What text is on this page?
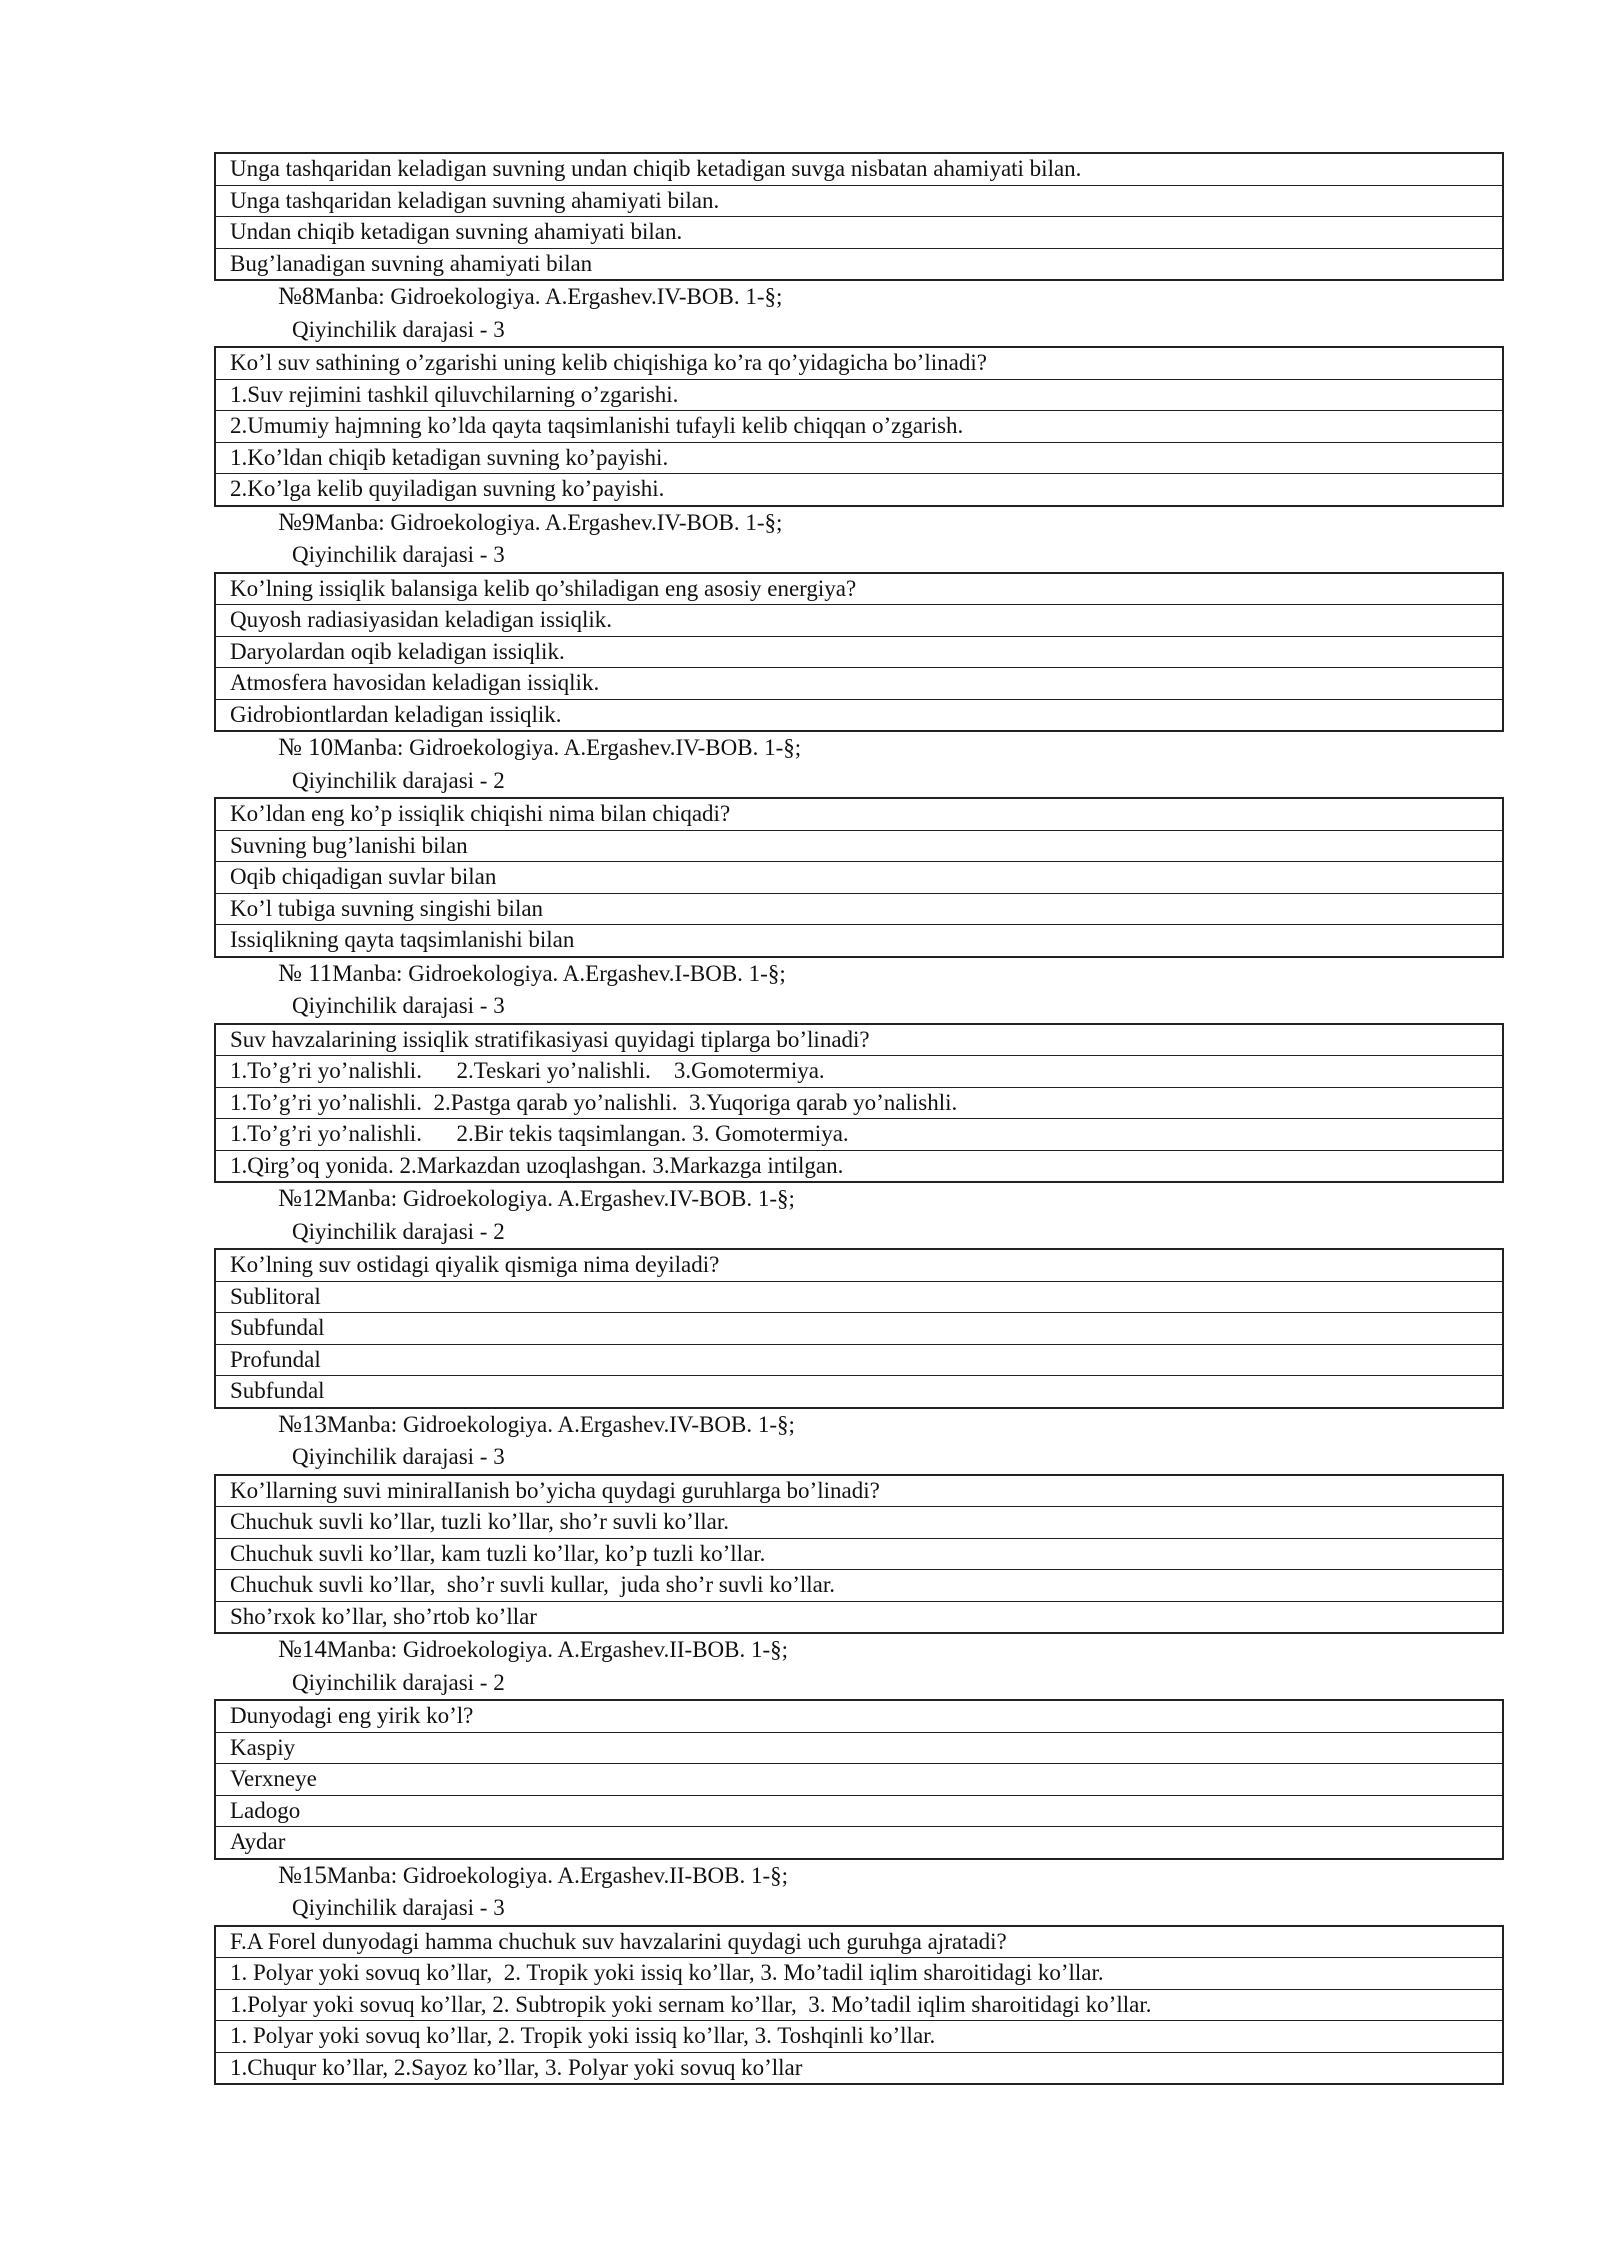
Unga tashqaridan keladigan suvning undan chiqib ketadigan suvga nisbatan ahamiyati bilan.
Unga tashqaridan keladigan suvning ahamiyati bilan.
Undan chiqib ketadigan suvning ahamiyati bilan.
Bug’lanadigan suvning ahamiyati bilan
№8Manba: Gidroekologiya. A.Ergashev.IV-BOB. 1-§;
Qiyinchilik darajasi - 3
Ko’l suv sathining o’zgarishi uning kelib chiqishiga ko’ra qo’yidagicha bo’linadi?
1.Suv rejimini tashkil qiluvchilarning o’zgarishi.
2.Umumiy hajmning ko’lda qayta taqsimlanishi tufayli kelib chiqqan o’zgarish.
1.Ko’ldan chiqib ketadigan suvning ko’payishi.
2.Ko’lga kelib quyiladigan suvning ko’payishi.
№9Manba: Gidroekologiya. A.Ergashev.IV-BOB. 1-§;
Qiyinchilik darajasi - 3
Ko’lning issiqlik balansiga kelib qo’shiladigan eng asosiy energiya?
Quyosh radiasiyasidan keladigan issiqlik.
Daryolardan oqib keladigan issiqlik.
Atmosfera havosidan keladigan issiqlik.
Gidrobiontlardan keladigan issiqlik.
№ 10Manba: Gidroekologiya. A.Ergashev.IV-BOB. 1-§;
Qiyinchilik darajasi - 2
Ko’ldan eng ko’p issiqlik chiqishi nima bilan chiqadi?
Suvning bug’lanishi bilan
Oqib chiqadigan suvlar bilan
Ko’l tubiga suvning singishi bilan
Issiqlikning qayta taqsimlanishi bilan
№ 11Manba: Gidroekologiya. A.Ergashev.I-BOB. 1-§;
Qiyinchilik darajasi - 3
Suv havzalarining issiqlik stratifikasiyasi quyidagi tiplarga bo’linadi?
1.To’g’ri yo’nalishli.      2.Teskari yo’nalishli.    3.Gomotermiya.
1.To’g’ri yo’nalishli.  2.Pastga qarab yo’nalishli.  3.Yuqoriga qarab yo’nalishli.
1.To’g’ri yo’nalishli.      2.Bir tekis taqsimlangan. 3. Gomotermiya.
1.Qirg’oq yonida. 2.Markazdan uzoqlashgan. 3.Markazga intilgan.
№12Manba: Gidroekologiya. A.Ergashev.IV-BOB. 1-§;
Qiyinchilik darajasi - 2
Ko’lning suv ostidagi qiyalik qismiga nima deyiladi?
Sublitoral
Subfundal
Profundal
Subfundal
№13Manba: Gidroekologiya. A.Ergashev.IV-BOB. 1-§;
Qiyinchilik darajasi - 3
Ko’llarning suvi miniralIanish bo’yicha quydagi guruhlarga bo’linadi?
Chuchuk suvli ko’llar, tuzli ko’llar, sho’r suvli ko’llar.
Chuchuk suvli ko’llar, kam tuzli ko’llar, ko’p tuzli ko’llar.
Chuchuk suvli ko’llar,  sho’r suvli kullar,  juda sho’r suvli ko’llar.
Sho’rxok ko’llar, sho’rtob ko’llar
№14Manba: Gidroekologiya. A.Ergashev.II-BOB. 1-§;
Qiyinchilik darajasi - 2
Dunyodagi eng yirik ko’l?
Kaspiy
Verxneye
Ladogo
Aydar
№15Manba: Gidroekologiya. A.Ergashev.II-BOB. 1-§;
Qiyinchilik darajasi - 3
F.A Forel dunyodagi hamma chuchuk suv havzalarini quydagi uch guruhga ajratadi?
1. Polyar yoki sovuq ko’llar,  2. Tropik yoki issiq ko’llar, 3. Mo’tadil iqlim sharoitidagi ko’llar.
1.Polyar yoki sovuq ko’llar, 2. Subtropik yoki sernam ko’llar,  3. Mo’tadil iqlim sharoitidagi ko’llar.
1. Polyar yoki sovuq ko’llar, 2. Tropik yoki issiq ko’llar, 3. Toshqinli ko’llar.
1.Chuqur ko’llar, 2.Sayoz ko’llar, 3. Polyar yoki sovuq ko’llar
